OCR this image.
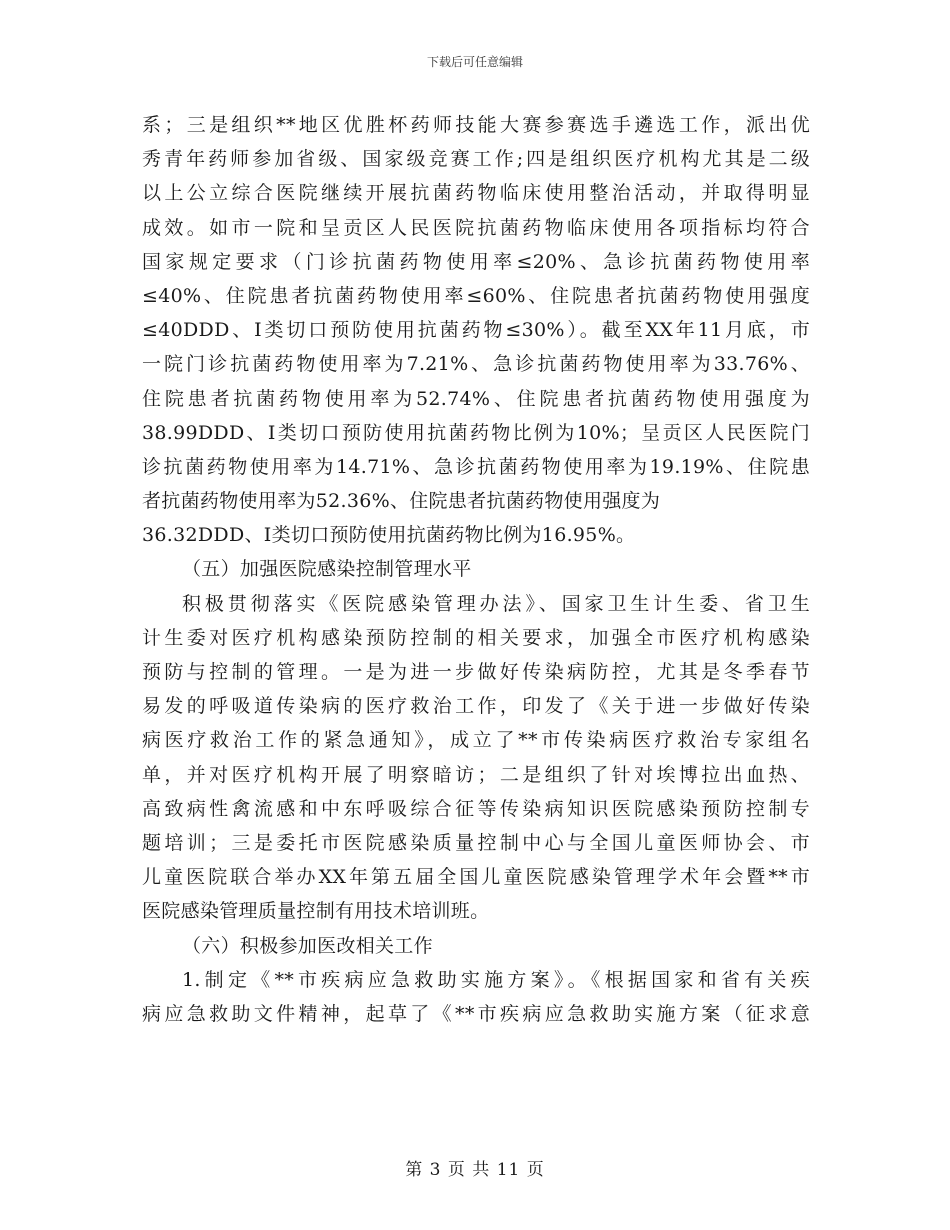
下载后可任意编辑
系；三是组织**地区优胜杯药师技能大赛参赛选手遴选工作，派出优
秀青年药师参加省级、国家级竞赛工作;四是组织医疗机构尤其是二级
以上公立综合医院继续开展抗菌药物临床使用整治活动，并取得明显
成效。如市一院和呈贡区人民医院抗菌药物临床使用各项指标均符合
国家规定要求（门诊抗菌药物使用率≤20%、急诊抗菌药物使用率
≤40%、住院患者抗菌药物使用率≤60%、住院患者抗菌药物使用强度
≤40DDD、Ⅰ类切口预防使用抗菌药物≤30%）。截至XX年11月底，市
一院门诊抗菌药物使用率为7.21%、急诊抗菌药物使用率为33.76%、
住院患者抗菌药物使用率为52.74%、住院患者抗菌药物使用强度为
38.99DDD、Ⅰ类切口预防使用抗菌药物比例为10%；呈贡区人民医院门
诊抗菌药物使用率为14.71%、急诊抗菌药物使用率为19.19%、住院患
者抗菌药物使用率为52.36%、住院患者抗菌药物使用强度为
36.32DDD、Ⅰ类切口预防使用抗菌药物比例为16.95%。
（五）加强医院感染控制管理水平
积极贯彻落实《医院感染管理办法》、国家卫生计生委、省卫生
计生委对医疗机构感染预防控制的相关要求，加强全市医疗机构感染
预防与控制的管理。一是为进一步做好传染病防控，尤其是冬季春节
易发的呼吸道传染病的医疗救治工作，印发了《关于进一步做好传染
病医疗救治工作的紧急通知》，成立了**市传染病医疗救治专家组名
单，并对医疗机构开展了明察暗访；二是组织了针对埃博拉出血热、
高致病性禽流感和中东呼吸综合征等传染病知识医院感染预防控制专
题培训；三是委托市医院感染质量控制中心与全国儿童医师协会、市
儿童医院联合举办XX年第五届全国儿童医院感染管理学术年会暨**市
医院感染管理质量控制有用技术培训班。
（六）积极参加医改相关工作
1.制定《**市疾病应急救助实施方案》。《根据国家和省有关疾
病应急救助文件精神，起草了《**市疾病应急救助实施方案（征求意
第 3 页 共 11 页
